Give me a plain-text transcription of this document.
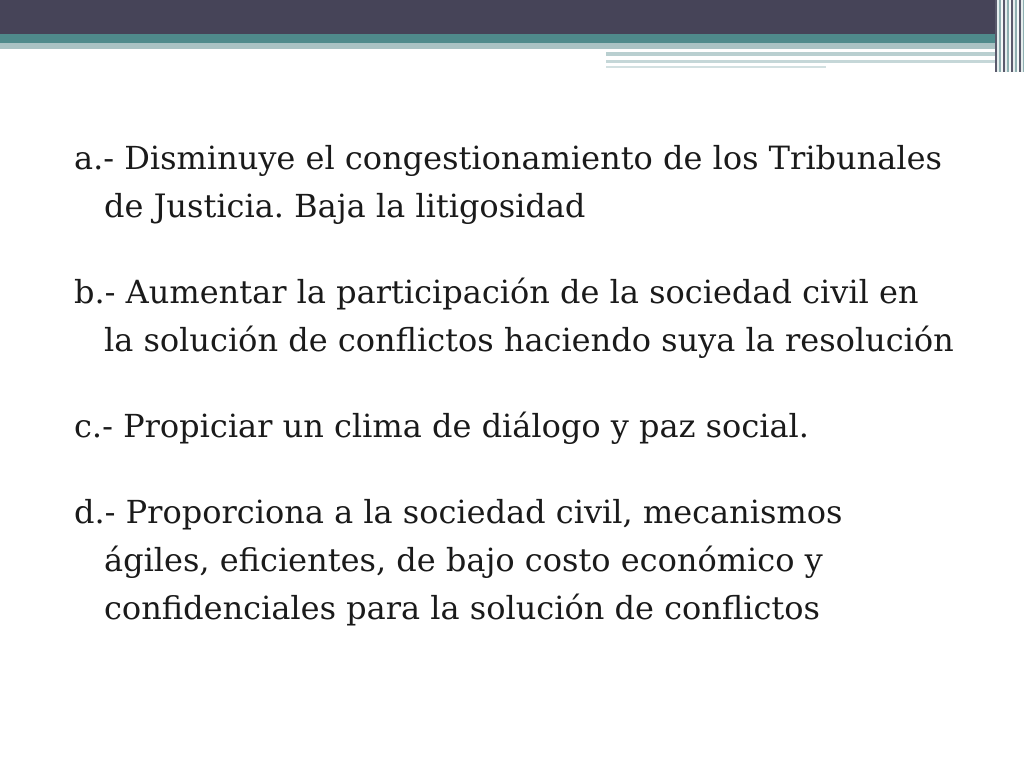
a.- Disminuye el congestionamiento de los Tribunales de Justicia. Baja la litigosidad

b.- Aumentar la participación de la sociedad civil en la solución de conflictos haciendo suya la resolución

c.- Propiciar un clima de diálogo y paz social.

d.- Proporciona a la sociedad civil, mecanismos ágiles, eficientes, de bajo costo económico y confidenciales para la solución de conflictos
